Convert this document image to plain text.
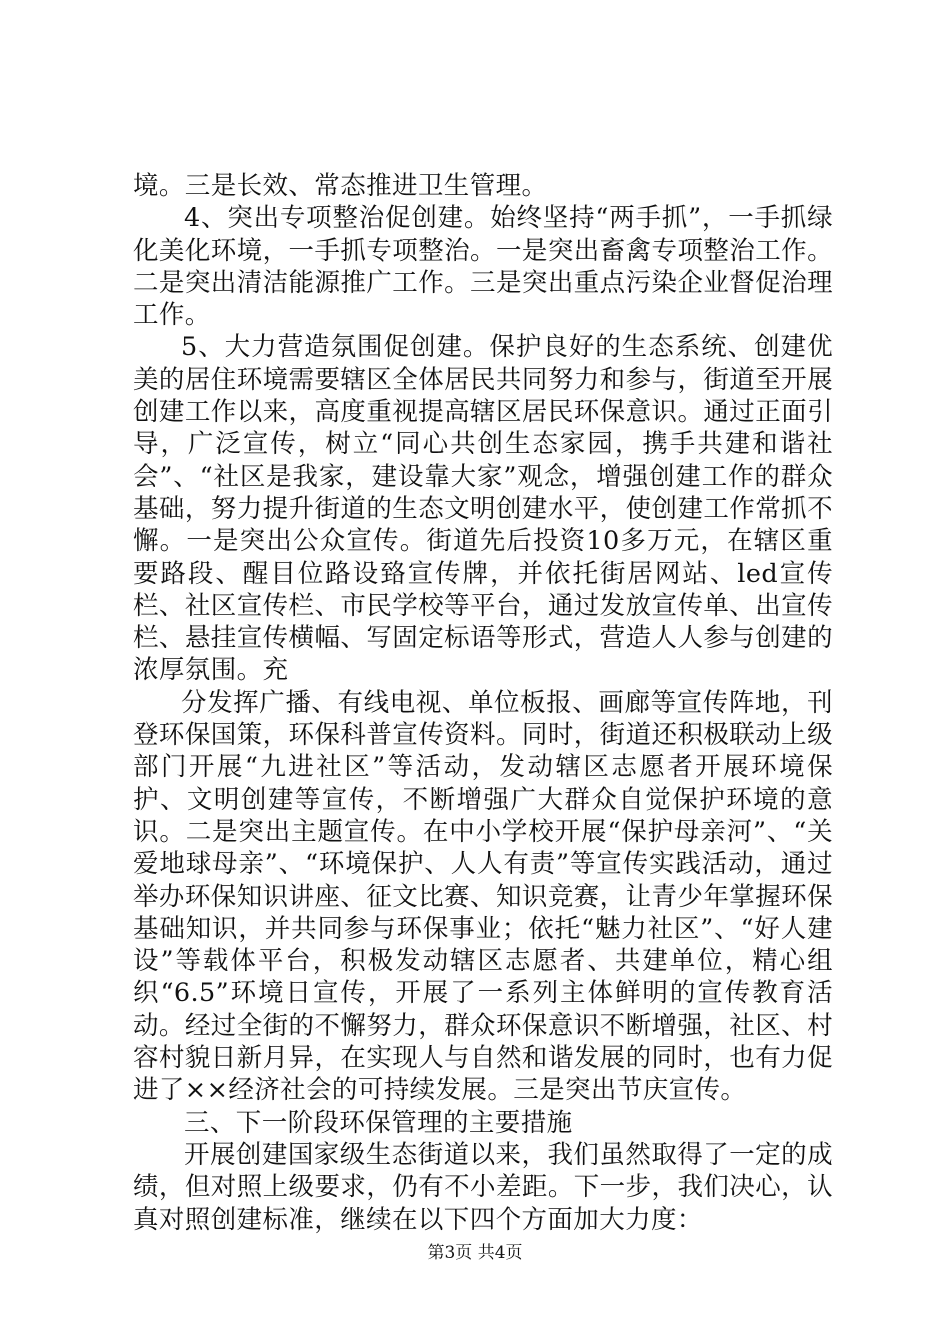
境。三是长效、常态推进卫生管理。

4、突出专项整治促创建。始终坚持“两手抓”，一手抓绿化美化环境，一手抓专项整治。一是突出畜禽专项整治工作。二是突出清洁能源推广工作。三是突出重点污染企业督促治理工作。

5、大力营造氛围促创建。保护良好的生态系统、创建优美的居住环境需要辖区全体居民共同努力和参与，街道至开展创建工作以来，高度重视提高辖区居民环保意识。通过正面引导，广泛宣传，树立“同心共创生态家园，携手共建和谐社会”、“社区是我家，建设靠大家”观念，增强创建工作的群众基础，努力提升街道的生态文明创建水平，使创建工作常抓不懈。一是突出公众宣传。街道先后投资10多万元，在辖区重要路段、醒目位路设臵宣传牌，并依托街居网站、led宣传栏、社区宣传栏、市民学校等平台，通过发放宣传单、出宣传栏、悬挂宣传横幅、写固定标语等形式，营造人人参与创建的浓厚氛围。充

分发挥广播、有线电视、单位板报、画廊等宣传阵地，刊登环保国策，环保科普宣传资料。同时，街道还积极联动上级部门开展“九进社区”等活动，发动辖区志愿者开展环境保护、文明创建等宣传，不断增强广大群众自觉保护环境的意识。二是突出主题宣传。在中小学校开展“保护母亲河”、“关爱地球母亲”、“环境保护、人人有责”等宣传实践活动，通过举办环保知识讲座、征文比赛、知识竞赛，让青少年掌握环保基础知识，并共同参与环保事业；依托“魅力社区”、“好人建设”等载体平台，积极发动辖区志愿者、共建单位，精心组织“6.5”环境日宣传，开展了一系列主体鲜明的宣传教育活动。经过全街的不懈努力，群众环保意识不断增强，社区、村容村貌日新月异，在实现人与自然和谐发展的同时，也有力促进了××经济社会的可持续发展。三是突出节庆宣传。

三、下一阶段环保管理的主要措施

开展创建国家级生态街道以来，我们虽然取得了一定的成绩，但对照上级要求，仍有不小差距。下一步，我们决心，认真对照创建标准，继续在以下四个方面加大力度：

第3页 共4页
